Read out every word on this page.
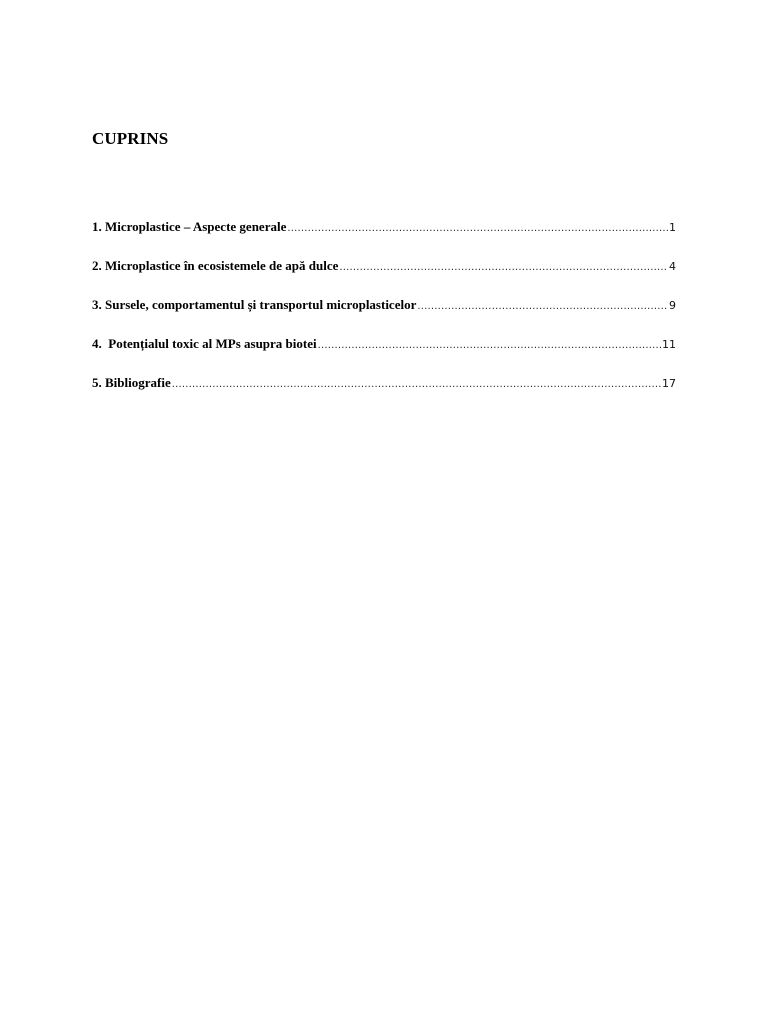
CUPRINS
1. Microplastice – Aspecte generale .....	1
2. Microplastice în ecosistemele de apă dulce .....	4
3. Sursele, comportamentul și transportul microplasticelor .....	9
4.  Potențialul toxic al MPs asupra biotei .....	11
5. Bibliografie .....	17
